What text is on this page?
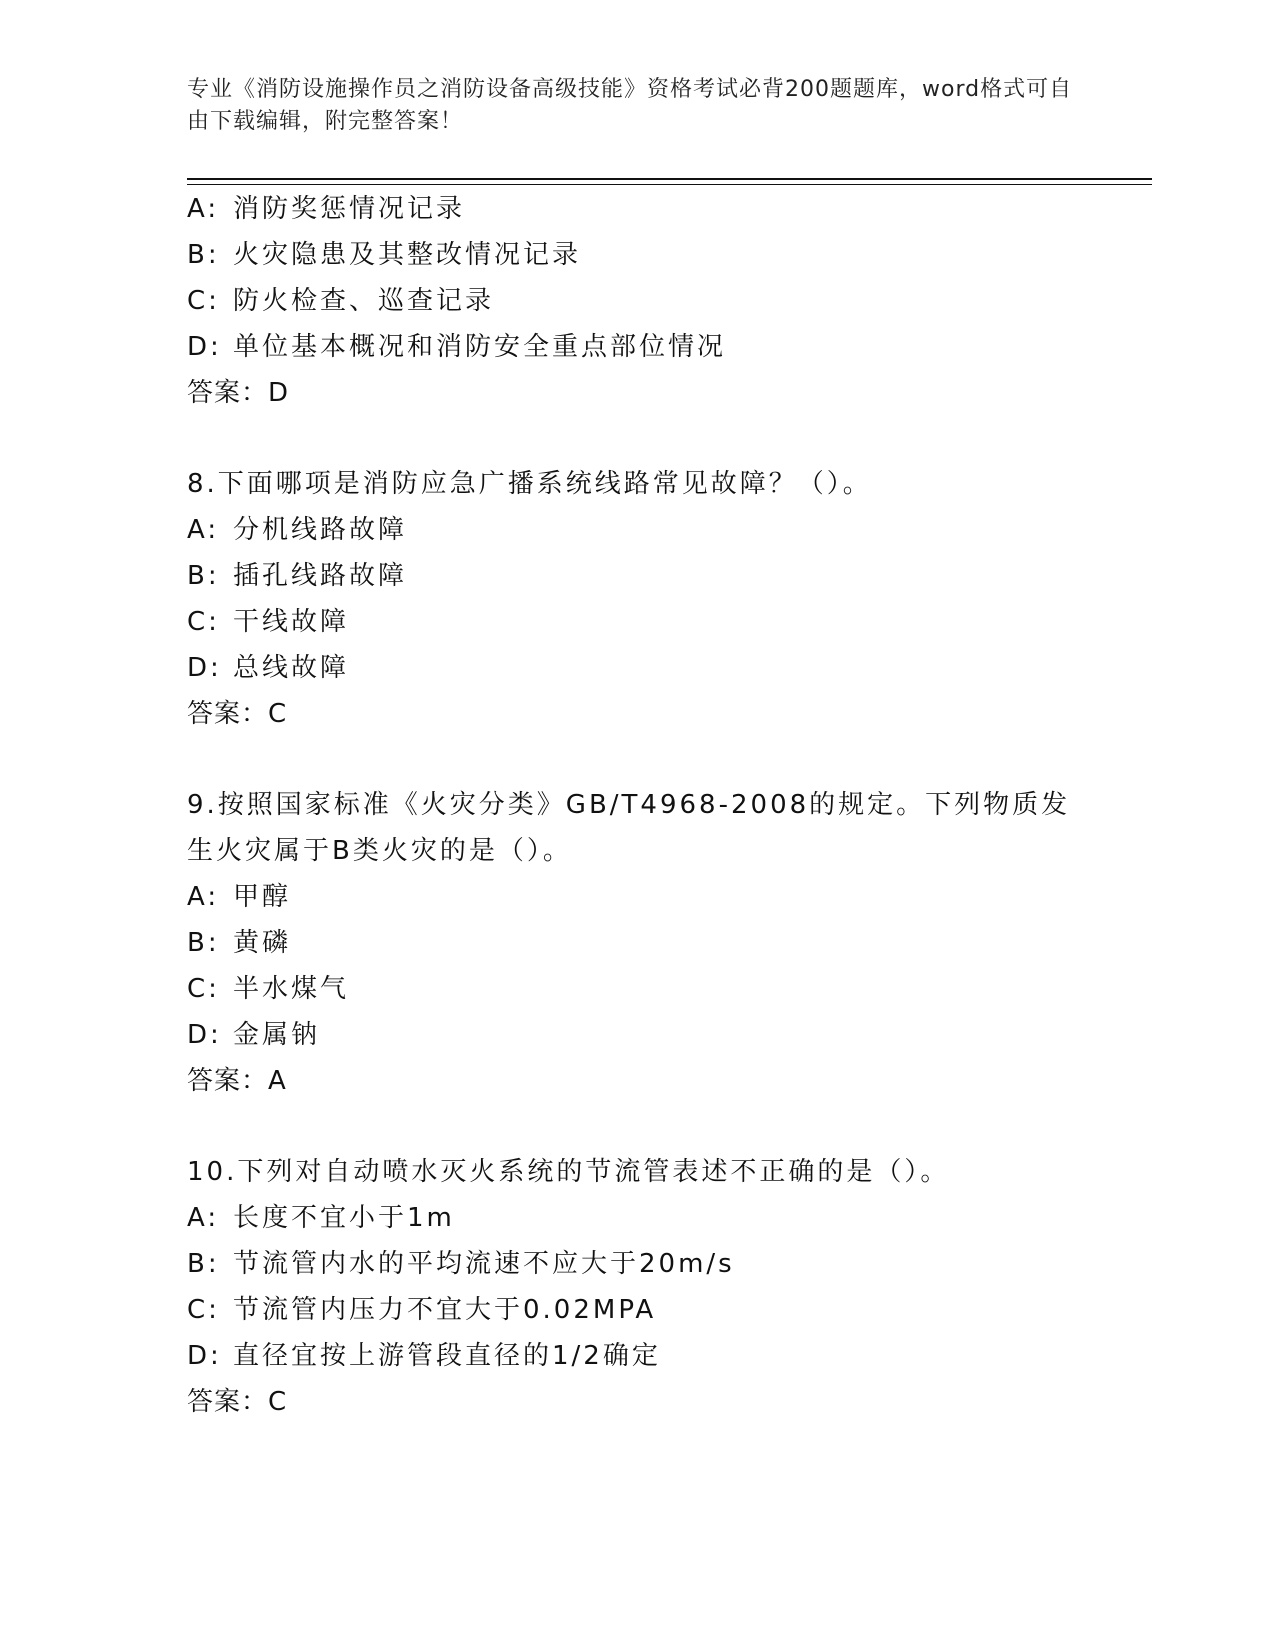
专业《消防设施操作员之消防设备高级技能》资格考试必背200题题库，word格式可自由下载编辑，附完整答案！
A: 消防奖惩情况记录
B: 火灾隐患及其整改情况记录
C: 防火检查、巡查记录
D: 单位基本概况和消防安全重点部位情况
答案：D
8.下面哪项是消防应急广播系统线路常见故障？（）。
A: 分机线路故障
B: 插孔线路故障
C: 干线故障
D: 总线故障
答案：C
9.按照国家标准《火灾分类》GB/T4968-2008的规定。下列物质发生火灾属于B类火灾的是（）。
A: 甲醇
B: 黄磷
C: 半水煤气
D: 金属钠
答案：A
10.下列对自动喷水灭火系统的节流管表述不正确的是（）。
A: 长度不宜小于1m
B: 节流管内水的平均流速不应大于20m/s
C: 节流管内压力不宜大于0.02MPA
D: 直径宜按上游管段直径的1/2确定
答案：C
